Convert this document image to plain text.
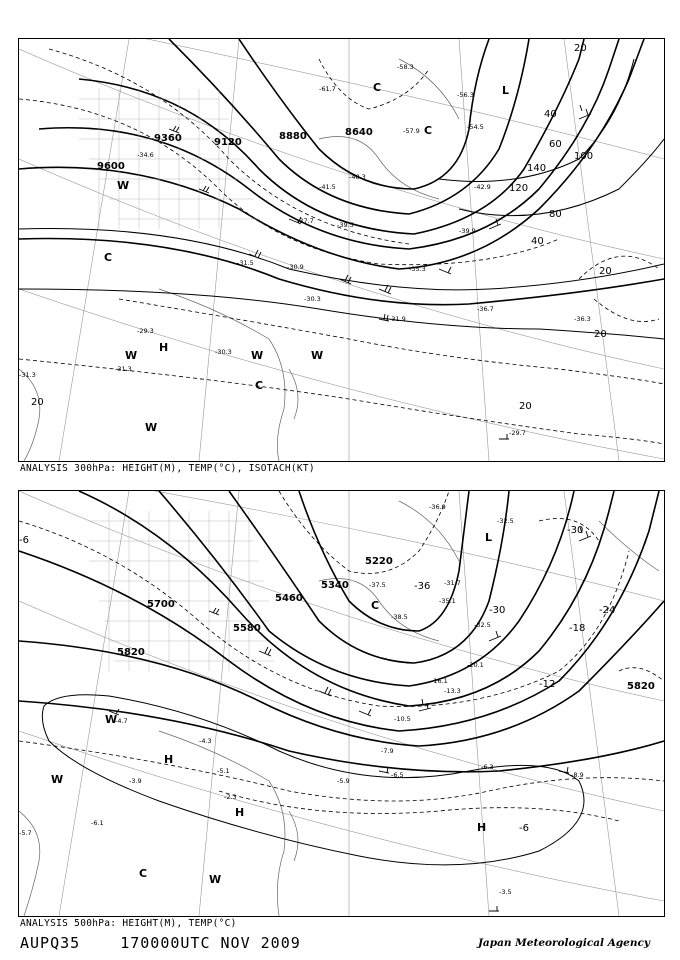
9600
9360	9120
8880	8640
20
40
60
80
100
120
140
20
40
20
20
20
-61.7
-58.3
-56.3
-54.5
-57.9
-48.3
-41.5
-39.5
-37.7
-34.6
-31.5	-30.9
-30.3
-31.9
-36.7
-29.3
-30.3
-31.3
-29.7
-36.3
-35.3
-39.9
-42.9
-31.3
L
C
C
W
C
W
H
W	W
C
W
ANALYSIS 300hPa: HEIGHT(M), TEMP(°C), ISOTACH(KT)
5700
5820
5580
5460
5340
5220
5820
-30
-24
-18
-12
-6
-30
-36
-6
-36.9
-32.5
-37.5
-38.5
-31.7
-35.1
-32.5
-20.1
-13.3
-16.1
-10.5
-7.9
-6.5
-6.3
-8.9
-4.7
-4.3
-5.1
-2.3
-3.5
-6.1
-5.7
-5.9
-3.9
L
C
H
H
H
W
W
C	W
ANALYSIS 500hPa: HEIGHT(M), TEMP(°C)
AUPQ35	170000UTC NOV 2009	Japan Meteorological Agency
